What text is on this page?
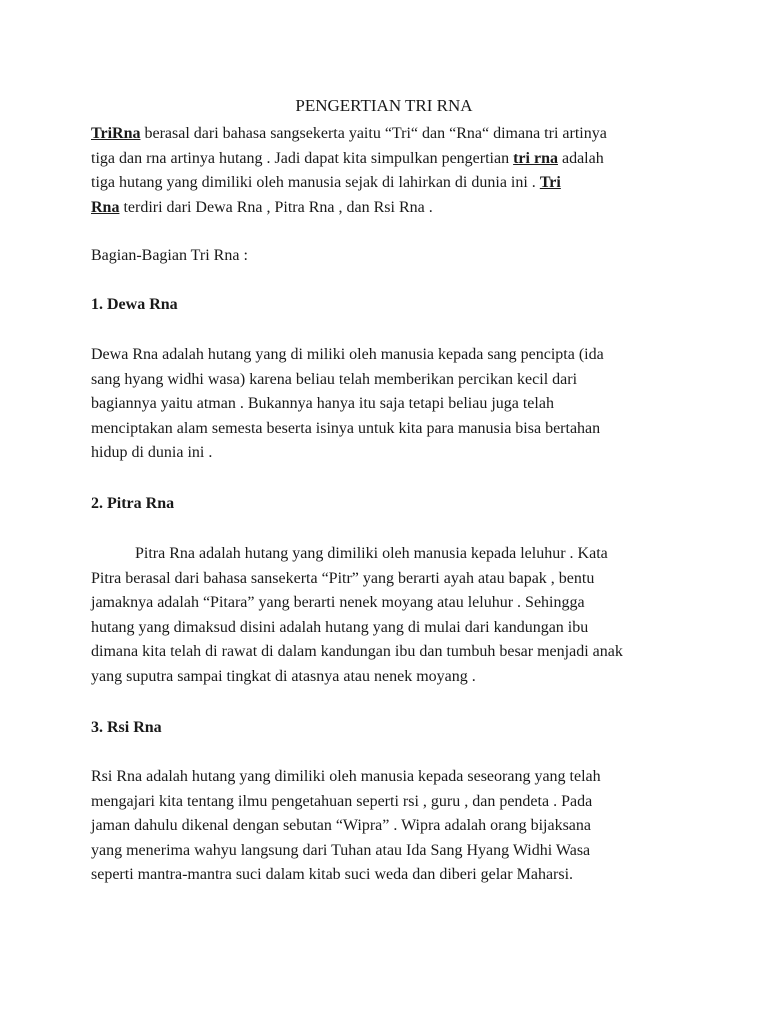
PENGERTIAN TRI RNA
TriRna berasal dari bahasa sangsekerta yaitu “Tri“ dan “Rna“ dimana tri artinya
tiga dan rna artinya hutang . Jadi dapat kita simpulkan pengertian tri rna adalah
tiga hutang yang dimiliki oleh manusia sejak di lahirkan di dunia ini . Tri
Rna terdiri dari Dewa Rna , Pitra Rna , dan Rsi Rna .
Bagian-Bagian Tri Rna :
1. Dewa Rna
Dewa Rna adalah hutang yang di miliki oleh manusia kepada sang pencipta (ida
sang hyang widhi wasa) karena beliau telah memberikan percikan kecil dari
bagiannya yaitu atman . Bukannya hanya itu saja tetapi beliau juga telah
menciptakan alam semesta beserta isinya untuk kita para manusia bisa bertahan
hidup di dunia ini .
2. Pitra Rna
Pitra Rna adalah hutang yang dimiliki oleh manusia kepada leluhur . Kata
Pitra berasal dari bahasa sansekerta “Pitr” yang berarti ayah atau bapak , bentu
jamaknya adalah “Pitara” yang berarti nenek moyang atau leluhur . Sehingga
hutang yang dimaksud disini adalah hutang yang di mulai dari kandungan ibu
dimana kita telah di rawat di dalam kandungan ibu dan tumbuh besar menjadi anak
yang suputra sampai tingkat di atasnya atau nenek moyang .
3. Rsi Rna
Rsi Rna adalah hutang yang dimiliki oleh manusia kepada seseorang yang telah
mengajari kita tentang ilmu pengetahuan seperti rsi , guru , dan pendeta . Pada
jaman dahulu dikenal dengan sebutan “Wipra” . Wipra adalah orang bijaksana
yang menerima wahyu langsung dari Tuhan atau Ida Sang Hyang Widhi Wasa
seperti mantra-mantra suci dalam kitab suci weda dan diberi gelar Maharsi.
